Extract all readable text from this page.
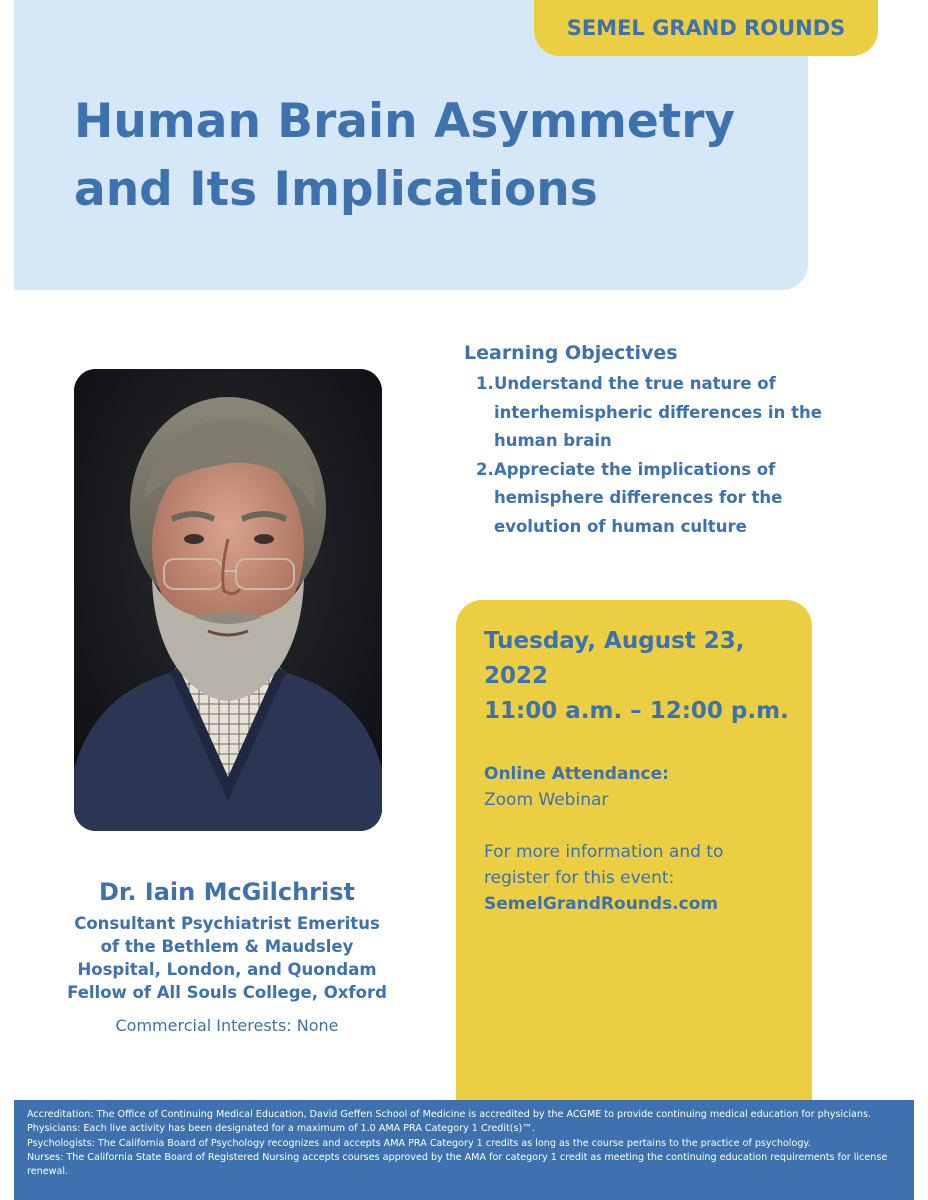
Human Brain Asymmetry
and Its Implications
SEMEL GRAND ROUNDS
Learning Objectives
1. Understand the true nature of
interhemispheric differences in the
human brain
2. Appreciate the implications of
hemisphere differences for the
evolution of human culture
Tuesday, August 23, 2022
11:00 a.m. – 12:00 p.m.
Online Attendance:
Zoom Webinar
For more information and to
register for this event:
SemelGrandRounds.com
Dr. Iain McGilchrist
Consultant Psychiatrist Emeritus
of the Bethlem & Maudsley
Hospital, London, and Quondam
Fellow of All Souls College, Oxford
Commercial Interests: None
Accreditation: The Office of Continuing Medical Education, David Geffen School of Medicine is accredited by the ACGME to provide continuing medical education for physicians.
Physicians: Each live activity has been designated for a maximum of 1.0 AMA PRA Category 1 Credit(s)™.
Psychologists: The California Board of Psychology recognizes and accepts AMA PRA Category 1 credits as long as the course pertains to the practice of psychology.
Nurses: The California State Board of Registered Nursing accepts courses approved by the AMA for category 1 credit as meeting the continuing education requirements for license
renewal.
